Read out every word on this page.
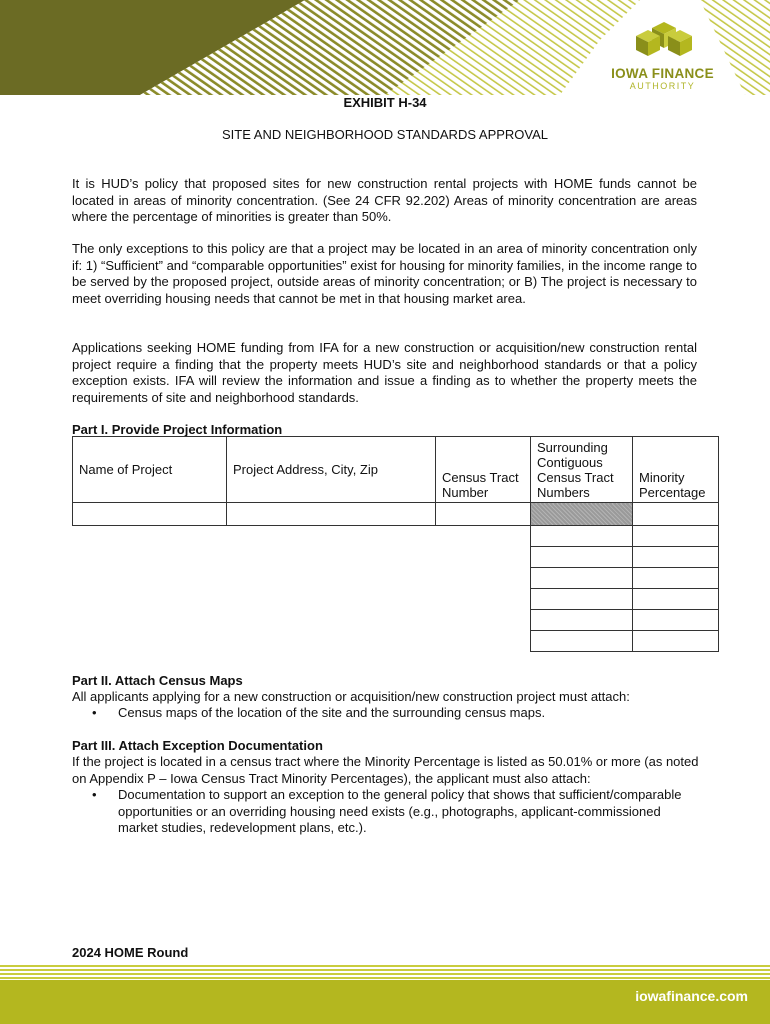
IOWA FINANCE
AUTHORITY
EXHIBIT H-34
SITE AND NEIGHBORHOOD STANDARDS APPROVAL

It is HUD’s policy that proposed sites for new construction rental projects with HOME funds cannot be located in areas of minority concentration. (See 24 CFR 92.202) Areas of minority concentration are areas where the percentage of minorities is greater than 50%.

The only exceptions to this policy are that a project may be located in an area of minority concentration only if: 1) “Sufficient” and “comparable opportunities” exist for housing for minority families, in the income range to be served by the proposed project, outside areas of minority concentration; or B) The project is necessary to meet overriding housing needs that cannot be met in that housing market area.

Applications seeking HOME funding from IFA for a new construction or acquisition/new construction rental project require a finding that the property meets HUD’s site and neighborhood standards or that a policy exception exists. IFA will review the information and issue a finding as to whether the property meets the requirements of site and neighborhood standards.

Part I. Provide Project Information
Name of Project	Project Address, City, Zip	Census Tract Number	Surrounding Contiguous Census Tract Numbers	Minority Percentage

Part II. Attach Census Maps

All applicants applying for a new construction or acquisition/new construction project must attach:

• Census maps of the location of the site and the surrounding census maps.
Part III. Attach Exception Documentation

If the project is located in a census tract where the Minority Percentage is listed as 50.01% or more (as noted on Appendix P – Iowa Census Tract Minority Percentages), the applicant must also attach:

• Documentation to support an exception to the general policy that shows that sufficient/comparable opportunities or an overriding housing need exists (e.g., photographs, applicant-commissioned market studies, redevelopment plans, etc.).
2024 HOME Round
iowafinance.com
